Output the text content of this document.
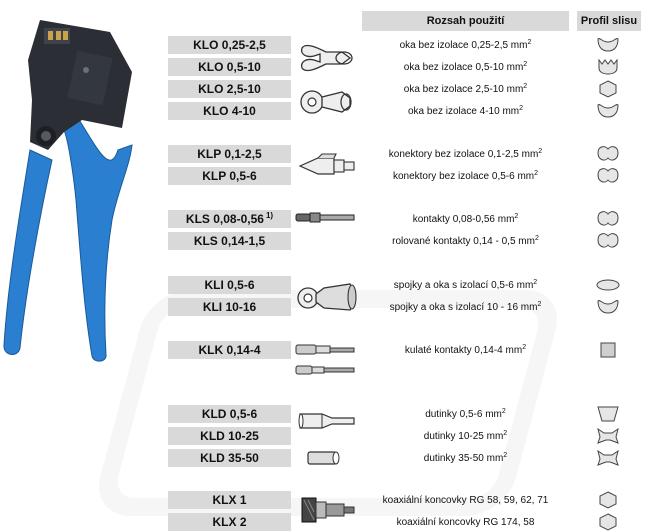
Rozsah použití	Profil slisu
KLO 0,25-2,5	oka bez izolace 0,25-2,5 $mm^2$
KLO 0,5-10	oka bez izolace 0,5-10 $mm^2$
KLO 2,5-10	oka bez izolace 2,5-10 $mm^2$
KLO 4-10	oka bez izolace 4-10 $mm^2$
KLP 0,1-2,5	konektory bez izolace 0,1-2,5 $mm^2$
KLP 0,5-6	konektory bez izolace 0,5-6 $mm^2$
KLS 0,08-0,56 $^{1)}$	kontakty 0,08-0,56 $mm^2$
KLS 0,14-1,5	rolované kontakty 0,14 - 0,5 $mm^2$
KLI 0,5-6	spojky a oka s izolací 0,5-6 $mm^2$
KLI 10-16	spojky a oka s izolací 10 - 16 $mm^2$
KLK 0,14-4	kulaté kontakty 0,14-4 $mm^2$
KLD 0,5-6	dutinky 0,5-6 $mm^2$
KLD 10-25	dutinky 10-25 $mm^2$
KLD 35-50	dutinky 35-50 $mm^2$
KLX 1	koaxiální koncovky RG 58, 59, 62, 71
KLX 2	koaxiální koncovky RG 174, 58
